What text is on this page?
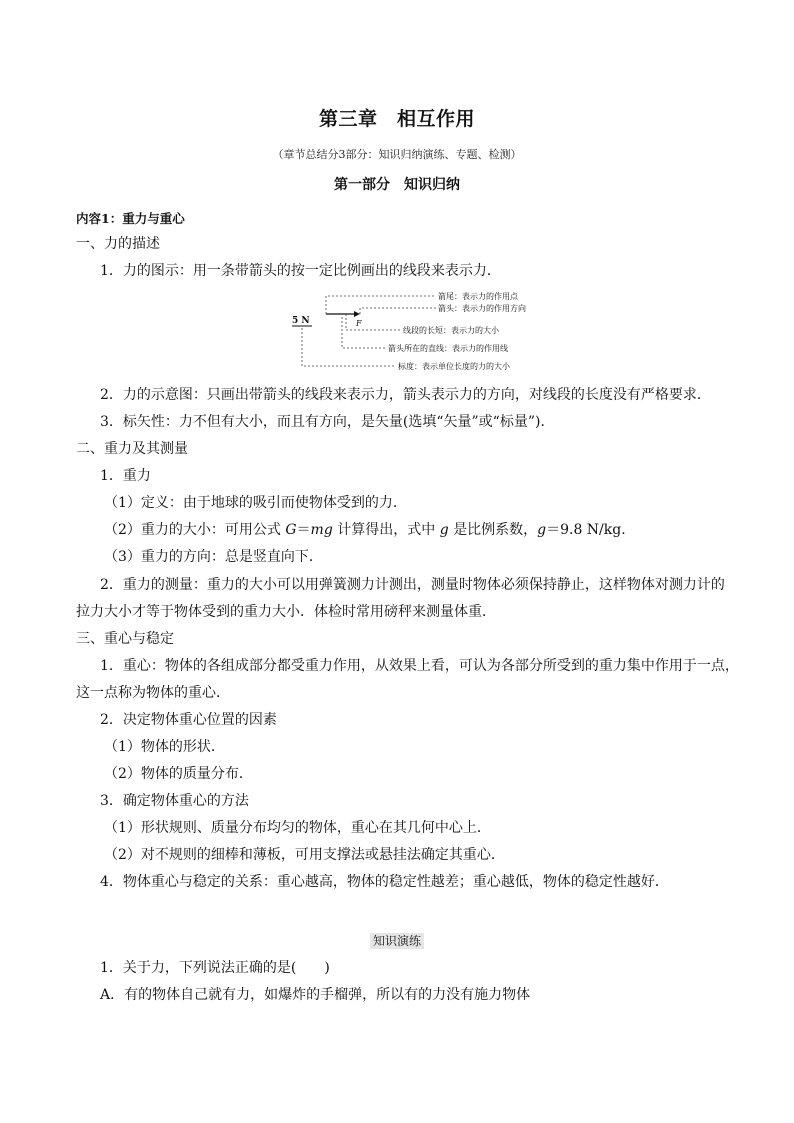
第三章　相互作用
（章节总结分3部分：知识归纳演练、专题、检测）
第一部分　知识归纳
内容1：重力与重心
一、力的描述
1．力的图示：用一条带箭头的按一定比例画出的线段来表示力．
5 N	F
箭尾：表示力的作用点
箭头：表示力的作用方向
线段的长短：表示力的大小
箭头所在的直线：表示力的作用线
标度：表示单位长度的力的大小
2．力的示意图：只画出带箭头的线段来表示力，箭头表示力的方向，对线段的长度没有严格要求．
3．标矢性：力不但有大小，而且有方向，是矢量(选填“矢量”或“标量”)．
二、重力及其测量
1．重力
（1）定义：由于地球的吸引而使物体受到的力．
（2）重力的大小：可用公式 G＝mg 计算得出，式中 g 是比例系数，g＝9.8 N/kg.
（3）重力的方向：总是竖直向下．
2．重力的测量：重力的大小可以用弹簧测力计测出，测量时物体必须保持静止，这样物体对测力计的
拉力大小才等于物体受到的重力大小．体检时常用磅秤来测量体重．
三、重心与稳定
1．重心：物体的各组成部分都受重力作用，从效果上看，可认为各部分所受到的重力集中作用于一点，
这一点称为物体的重心．
2．决定物体重心位置的因素
（1）物体的形状．
（2）物体的质量分布．
3．确定物体重心的方法
（1）形状规则、质量分布均匀的物体，重心在其几何中心上．
（2）对不规则的细棒和薄板，可用支撑法或悬挂法确定其重心．
4．物体重心与稳定的关系：重心越高，物体的稳定性越差；重心越低，物体的稳定性越好．
知识演练
1．关于力，下列说法正确的是(　　)
A．有的物体自己就有力，如爆炸的手榴弹，所以有的力没有施力物体
